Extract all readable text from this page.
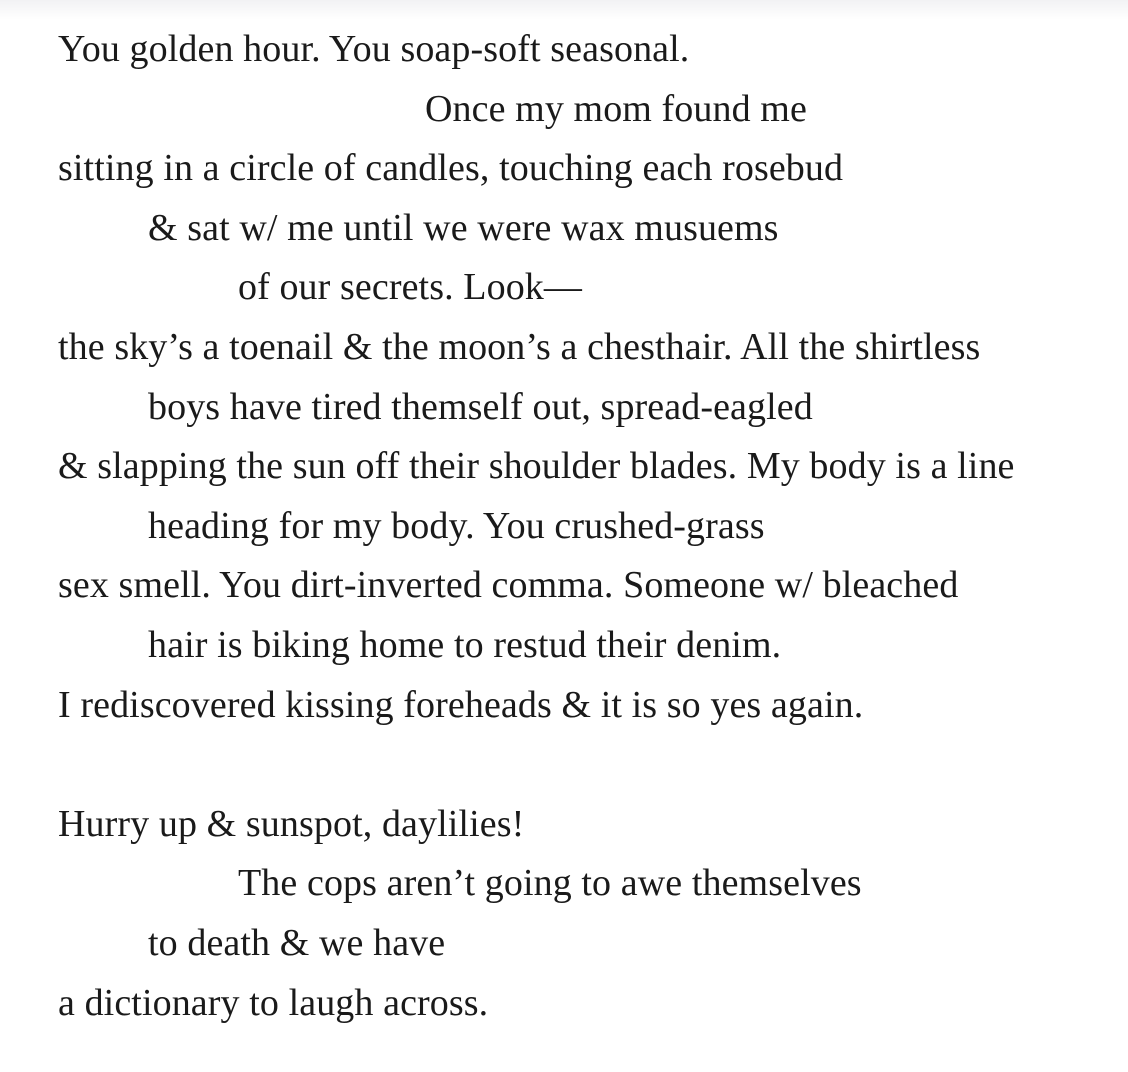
You golden hour. You soap-soft seasonal.
Once my mom found me
sitting in a circle of candles, touching each rosebud
& sat w/ me until we were wax musuems
of our secrets. Look—
the sky’s a toenail & the moon’s a chesthair. All the shirtless
boys have tired themself out, spread-eagled
& slapping the sun off their shoulder blades. My body is a line
heading for my body. You crushed-grass
sex smell. You dirt-inverted comma. Someone w/ bleached
hair is biking home to restud their denim.
I rediscovered kissing foreheads & it is so yes again.
Hurry up & sunspot, daylilies!
The cops aren’t going to awe themselves
to death & we have
a dictionary to laugh across.
